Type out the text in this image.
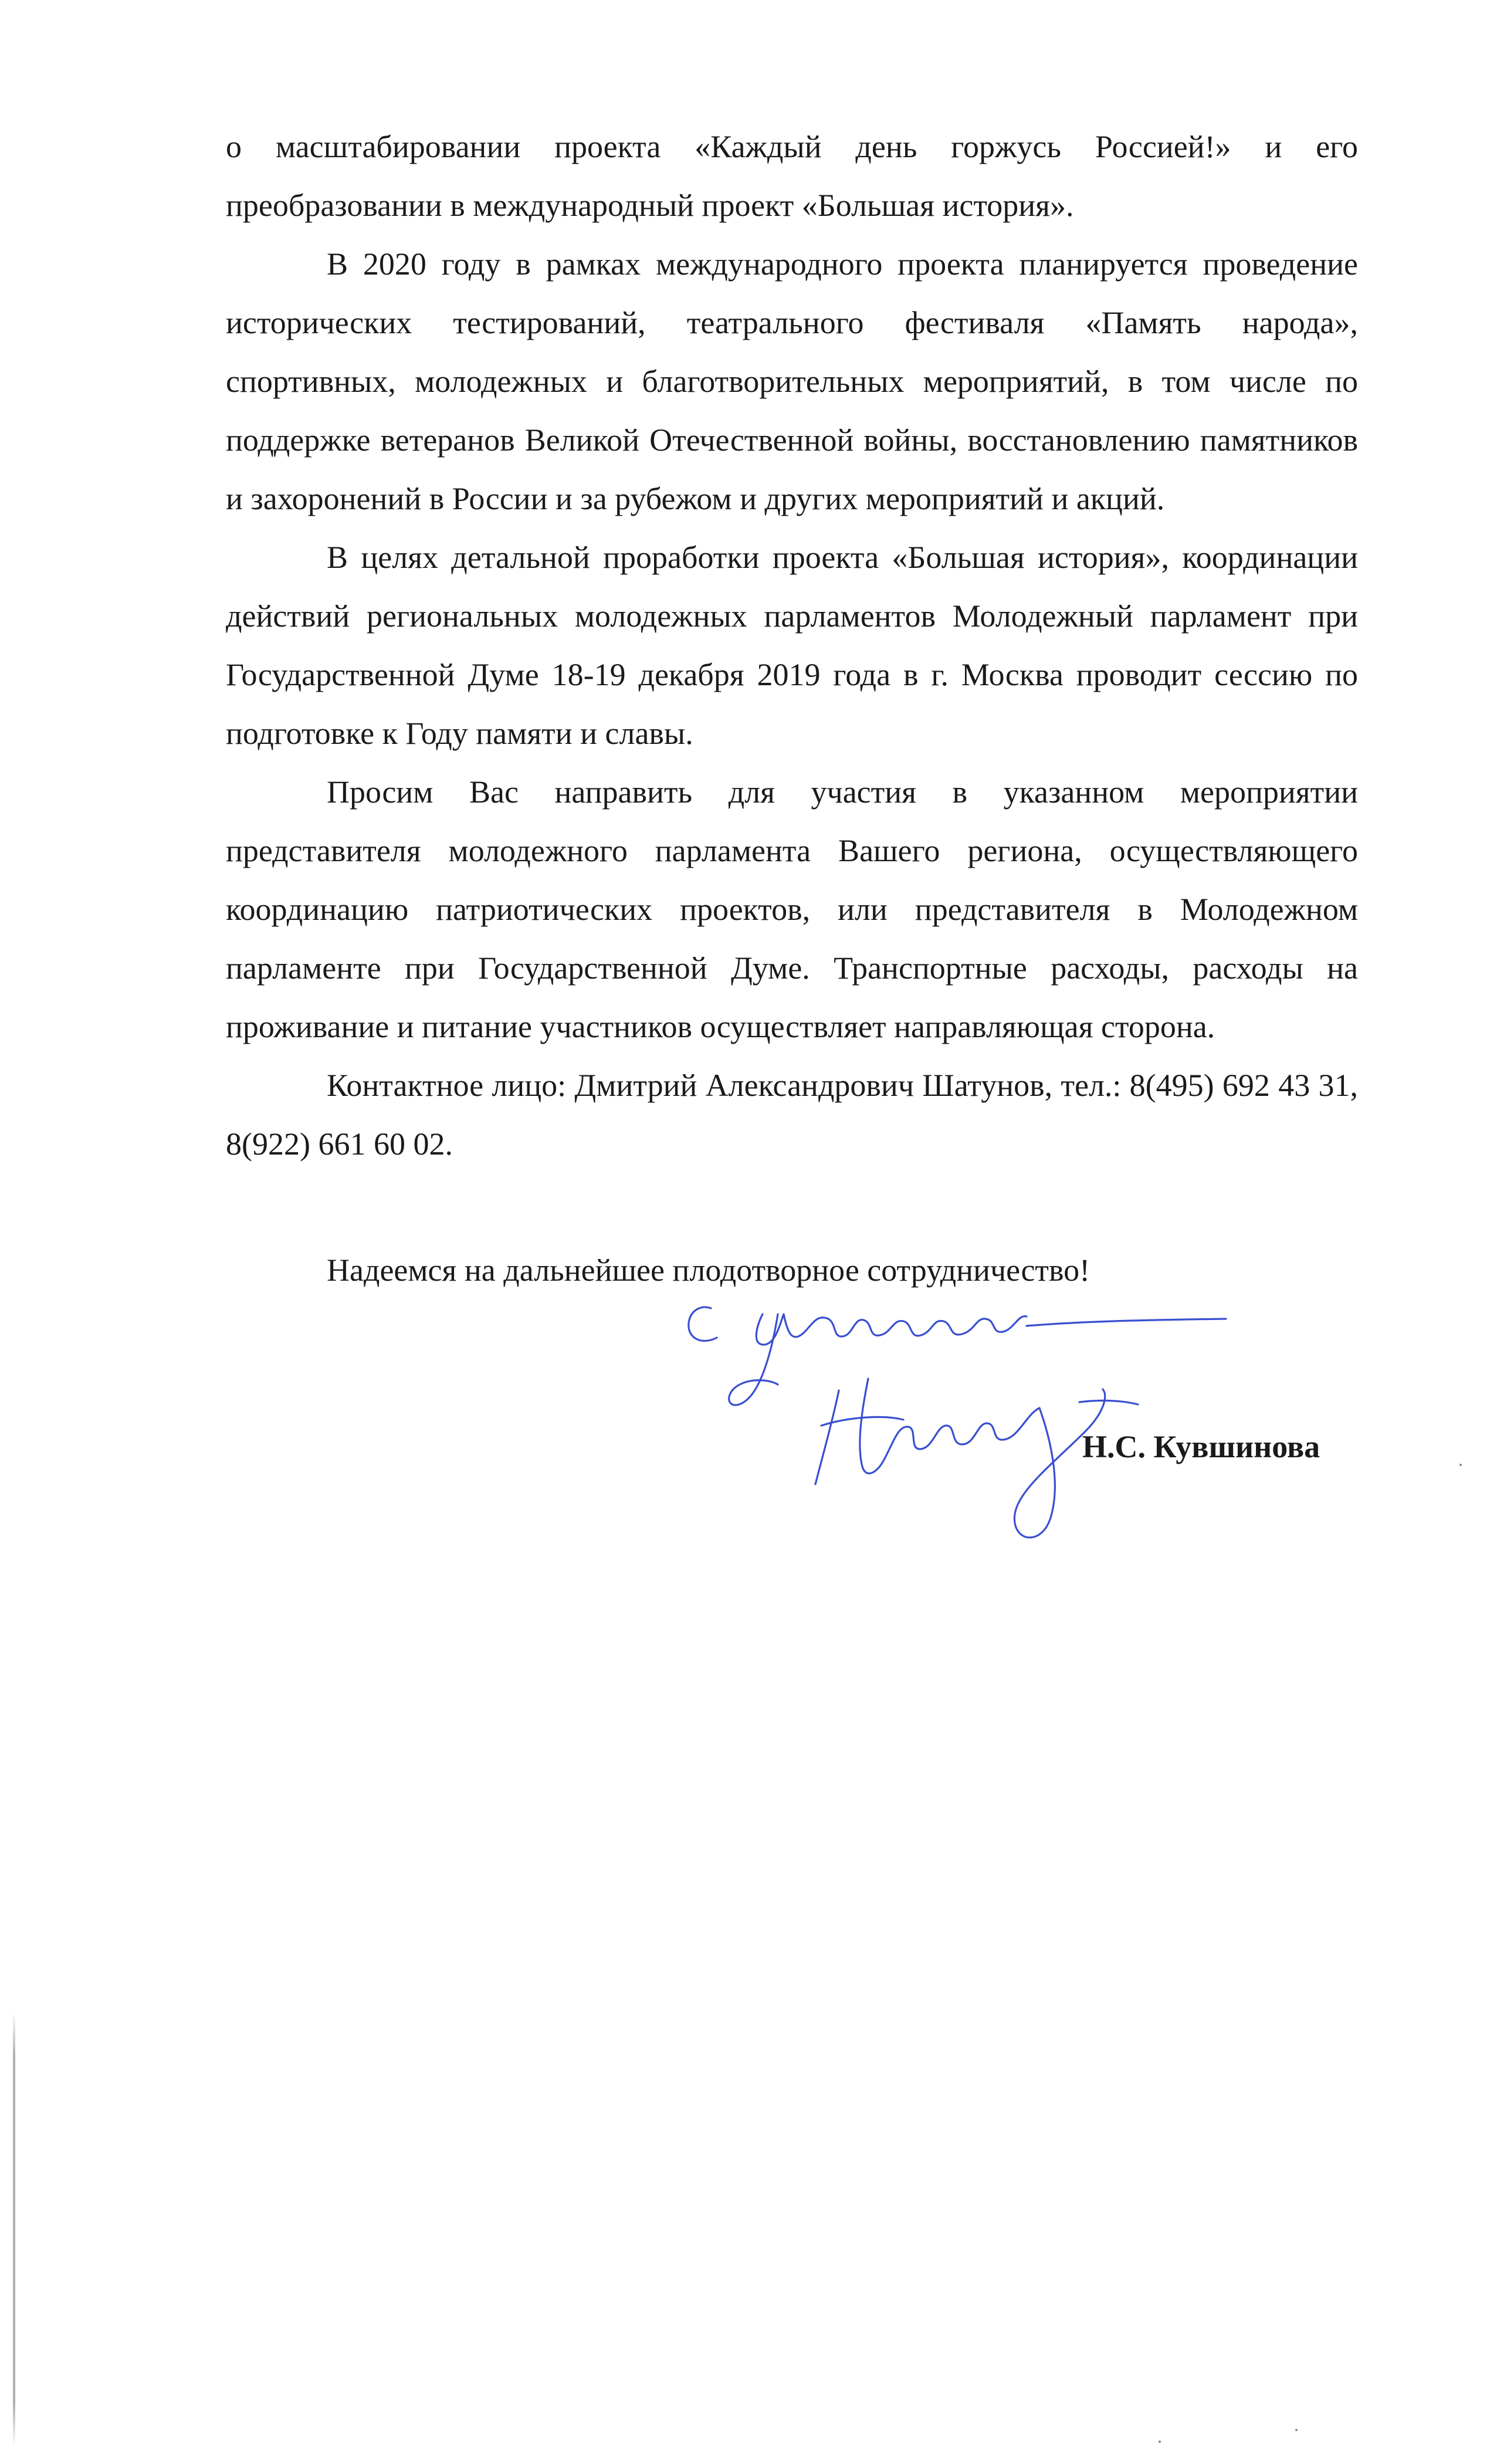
о масштабировании проекта «Каждый день горжусь Россией!» и его преобразовании в международный проект «Большая история».

В 2020 году в рамках международного проекта планируется проведение исторических тестирований, театрального фестиваля «Память народа», спортивных, молодежных и благотворительных мероприятий, в том числе по поддержке ветеранов Великой Отечественной войны, восстановлению памятников и захоронений в России и за рубежом и других мероприятий и акций.

В целях детальной проработки проекта «Большая история», координации действий региональных молодежных парламентов Молодежный парламент при Государственной Думе 18-19 декабря 2019 года в г. Москва проводит сессию по подготовке к Году памяти и славы.

Просим Вас направить для участия в указанном мероприятии представителя молодежного парламента Вашего региона, осуществляющего координацию патриотических проектов, или представителя в Молодежном парламенте при Государственной Думе. Транспортные расходы, расходы на проживание и питание участников осуществляет направляющая сторона.

Контактное лицо: Дмитрий Александрович Шатунов, тел.: 8(495) 692 43 31, 8(922) 661 60 02.

Надеемся на дальнейшее плодотворное сотрудничество!
Н.С. Кувшинова
